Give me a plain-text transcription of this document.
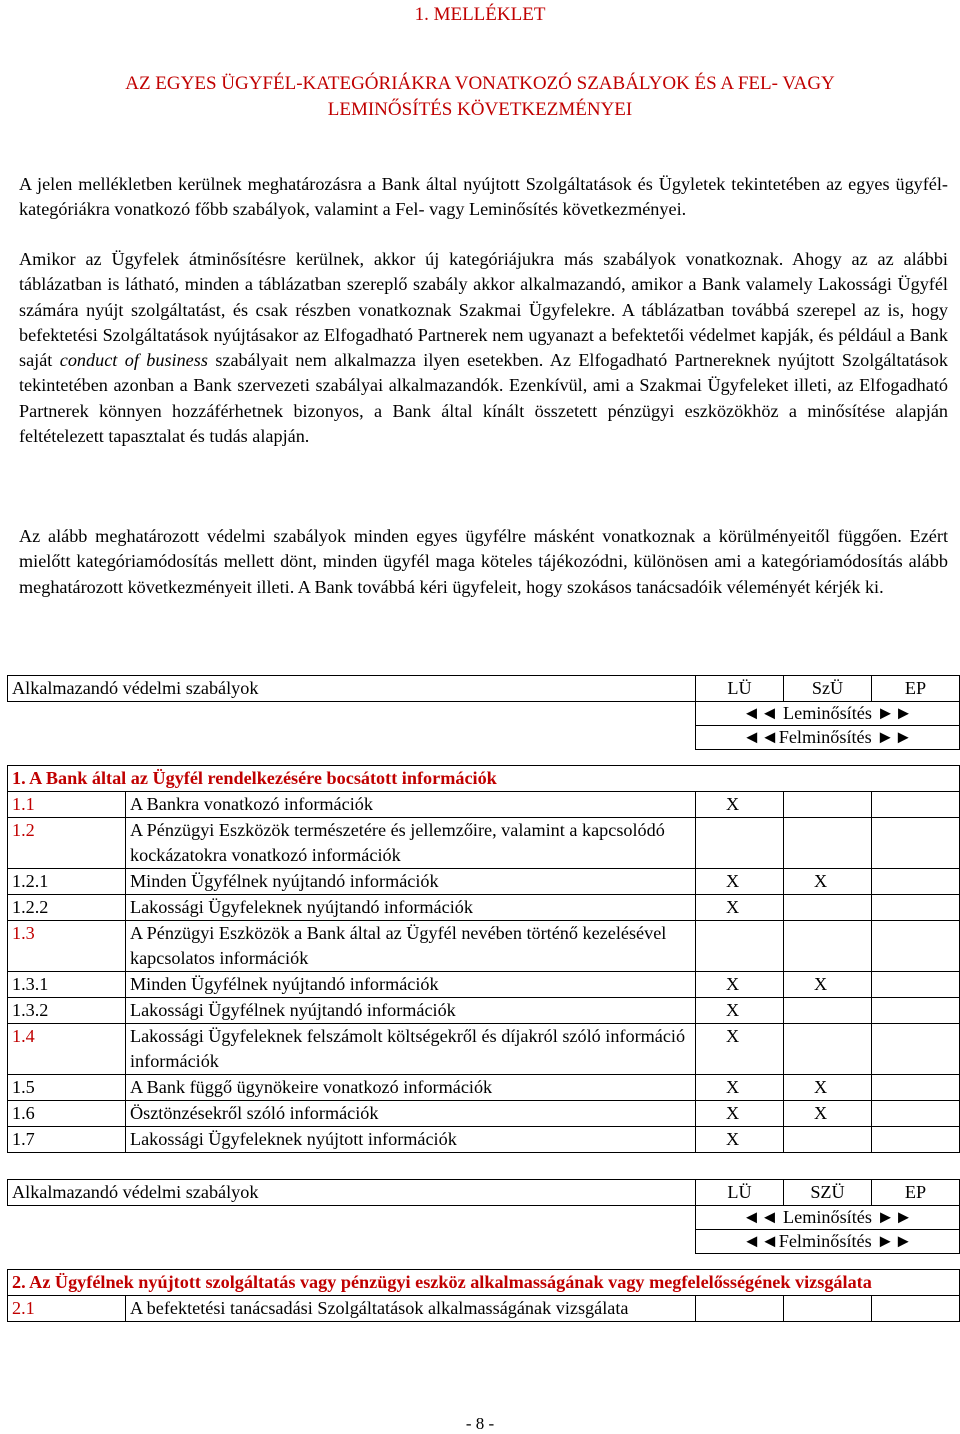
1. MELLÉKLET
AZ EGYES ÜGYFÉL-KATEGÓRIÁKRA VONATKOZÓ SZABÁLYOK ÉS A FEL- VAGY
LEMINŐSÍTÉS KÖVETKEZMÉNYEI

A jelen mellékletben kerülnek meghatározásra a Bank által nyújtott Szolgáltatások és Ügyletek tekintetében az egyes ügyfél-kategóriákra vonatkozó főbb szabályok, valamint a Fel- vagy Leminősítés következményei.

Amikor az Ügyfelek átminősítésre kerülnek, akkor új kategóriájukra más szabályok vonatkoznak. Ahogy az az alábbi táblázatban is látható, minden a táblázatban szereplő szabály akkor alkalmazandó, amikor a Bank valamely Lakossági Ügyfél számára nyújt szolgáltatást, és csak részben vonatkoznak Szakmai Ügyfelekre. A táblázatban továbbá szerepel az is, hogy befektetési Szolgáltatások nyújtásakor az Elfogadható Partnerek nem ugyanazt a befektetői védelmet kapják, és például a Bank saját conduct of business szabályait nem alkalmazza ilyen esetekben. Az Elfogadható Partnereknek nyújtott Szolgáltatások tekintetében azonban a Bank szervezeti szabályai alkalmazandók. Ezenkívül, ami a Szakmai Ügyfeleket illeti, az Elfogadható Partnerek könnyen hozzáférhetnek bizonyos, a Bank által kínált összetett pénzügyi eszközökhöz a minősítése alapján feltételezett tapasztalat és tudás alapján.

Az alább meghatározott védelmi szabályok minden egyes ügyfélre másként vonatkoznak a körülményeitől függően. Ezért mielőtt kategóriamódosítás mellett dönt, minden ügyfél maga köteles tájékozódni, különösen ami a kategóriamódosítás alább meghatározott következményeit illeti. A Bank továbbá kéri ügyfeleit, hogy szokásos tanácsadóik véleményét kérjék ki.

Alkalmazandó védelmi szabályok		LÜ	SzÜ	EP
		◄◄ Leminősítés ►►		
		◄◄Felminősítés ►►		

1. A Bank által az Ügyfél rendelkezésére bocsátott információk				
1.1	A Bankra vonatkozó információk	X		
1.2	A Pénzügyi Eszközök természetére és jellemzőire, valamint a kapcsolódó kockázatokra vonatkozó információk			
1.2.1	Minden Ügyfélnek nyújtandó információk	X	X	
1.2.2	Lakossági Ügyfeleknek nyújtandó információk	X		
1.3	A Pénzügyi Eszközök a Bank által az Ügyfél nevében történő kezelésével kapcsolatos információk			
1.3.1	Minden Ügyfélnek nyújtandó információk	X	X	
1.3.2	Lakossági Ügyfélnek nyújtandó információk	X		
1.4	Lakossági Ügyfeleknek felszámolt költségekről és díjakról szóló információ információk	X		
1.5	A Bank függő ügynökeire vonatkozó információk	X	X	
1.6	Ösztönzésekről szóló információk	X	X	
1.7	Lakossági Ügyfeleknek nyújtott információk	X		
Alkalmazandó védelmi szabályok		LÜ	SZÜ	EP
		◄◄ Leminősítés ►►		
		◄◄Felminősítés ►►		

2. Az Ügyfélnek nyújtott szolgáltatás vagy pénzügyi eszköz alkalmasságának vagy megfelelősségének vizsgálata				
2.1	A befektetési tanácsadási Szolgáltatások alkalmasságának vizsgálata			
- 8 -
